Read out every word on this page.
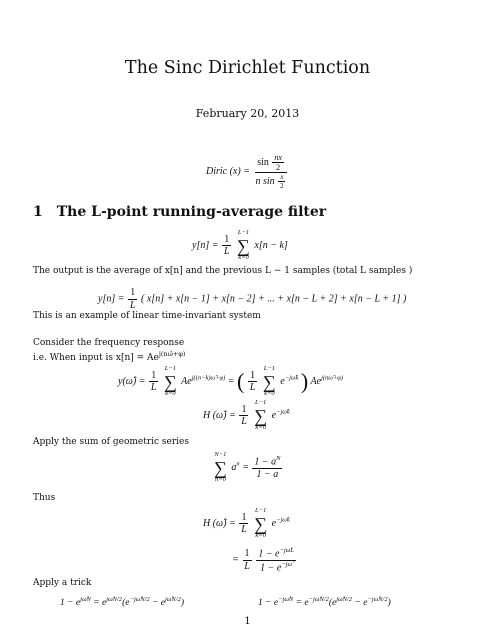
The Sinc Dirichlet Function
February 20, 2013
Diric $(x) = \frac{\sin \frac{nx}{2}}{n \sin \frac{x}{2}}$
1 The L-point running-average filter
$y[n] = \frac{1}{L}$

L−1
∑
k=0
x[n − k]
The output is the average of x[n] and the previous L − 1 samples (total L samples )
$y[n] = \frac{1}{L}$ ( x[n] + x[n − 1] + x[n − 2] + ... + x[n − L + 2] + x[n − L + 1] )
This is an example of linear time-invariant system
Consider the frequency response
i.e. When input is $x[n] = Ae^{j(n\omegâ+\varphi)}$
y(ω̂) = $\frac{1}{L}$

L−1
∑
k=0
$Ae^{j((n-k)\omegâ+\varphi)}$ = ( $\frac{1}{L}$

L−1
∑
k=0
$e^{-j\omegâk}$ ) $Ae^{j(n\omegâ+\varphi)}$
H (ω̂) = $\frac{1}{L}$

L−1
∑
k=0
$e^{-j\omegâk}$
Apply the sum of geometric series
N−1
∑
n=0
$a^n = \frac{1 - a^N}{1 - a}$
Thus
H (ω̂) = $\frac{1}{L}$

L−1
∑
k=0
$e^{-j\omegâk}$
= $\frac{1}{L}$
$\frac{1 - e^{-j\omegâL}}{1 - e^{-j\omegâ}}$
Apply a trick
$1 - e^{j\omegâN} = e^{j\omegâN/2}(e^{-j\omegâN/2} - e^{j\omegâN/2})$	$1 - e^{-j\omegâN} = e^{-j\omegâN/2}(e^{j\omegâN/2} - e^{-j\omegâN/2})$
1
